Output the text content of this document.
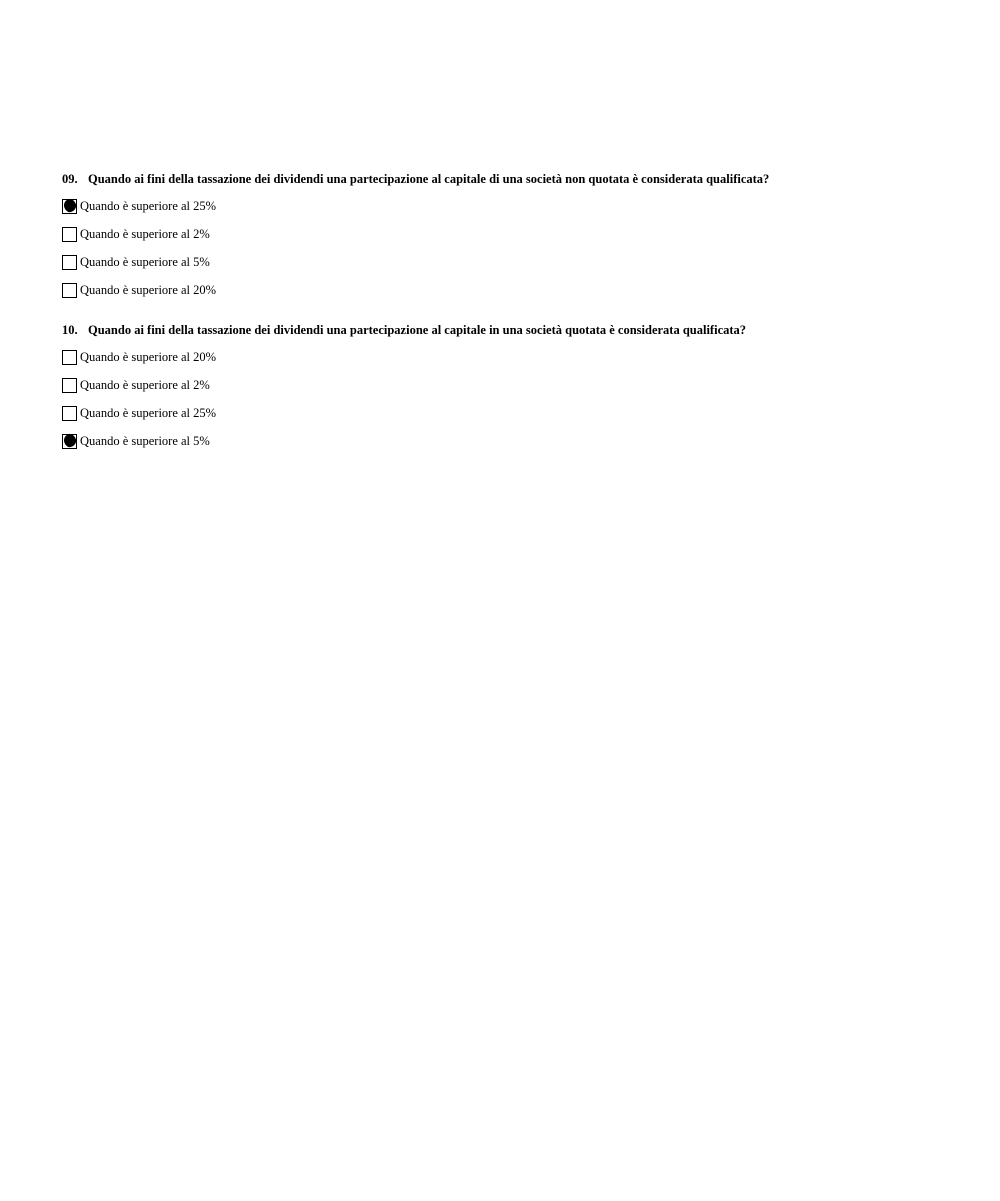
09. Quando ai fini della tassazione dei dividendi una partecipazione al capitale di una società non quotata è considerata qualificata?

Quando è superiore al 25%
Quando è superiore al 2%
Quando è superiore al 5%
Quando è superiore al 20%

10. Quando ai fini della tassazione dei dividendi una partecipazione al capitale in una società quotata è considerata qualificata?

Quando è superiore al 20%
Quando è superiore al 2%
Quando è superiore al 25%
Quando è superiore al 5%
